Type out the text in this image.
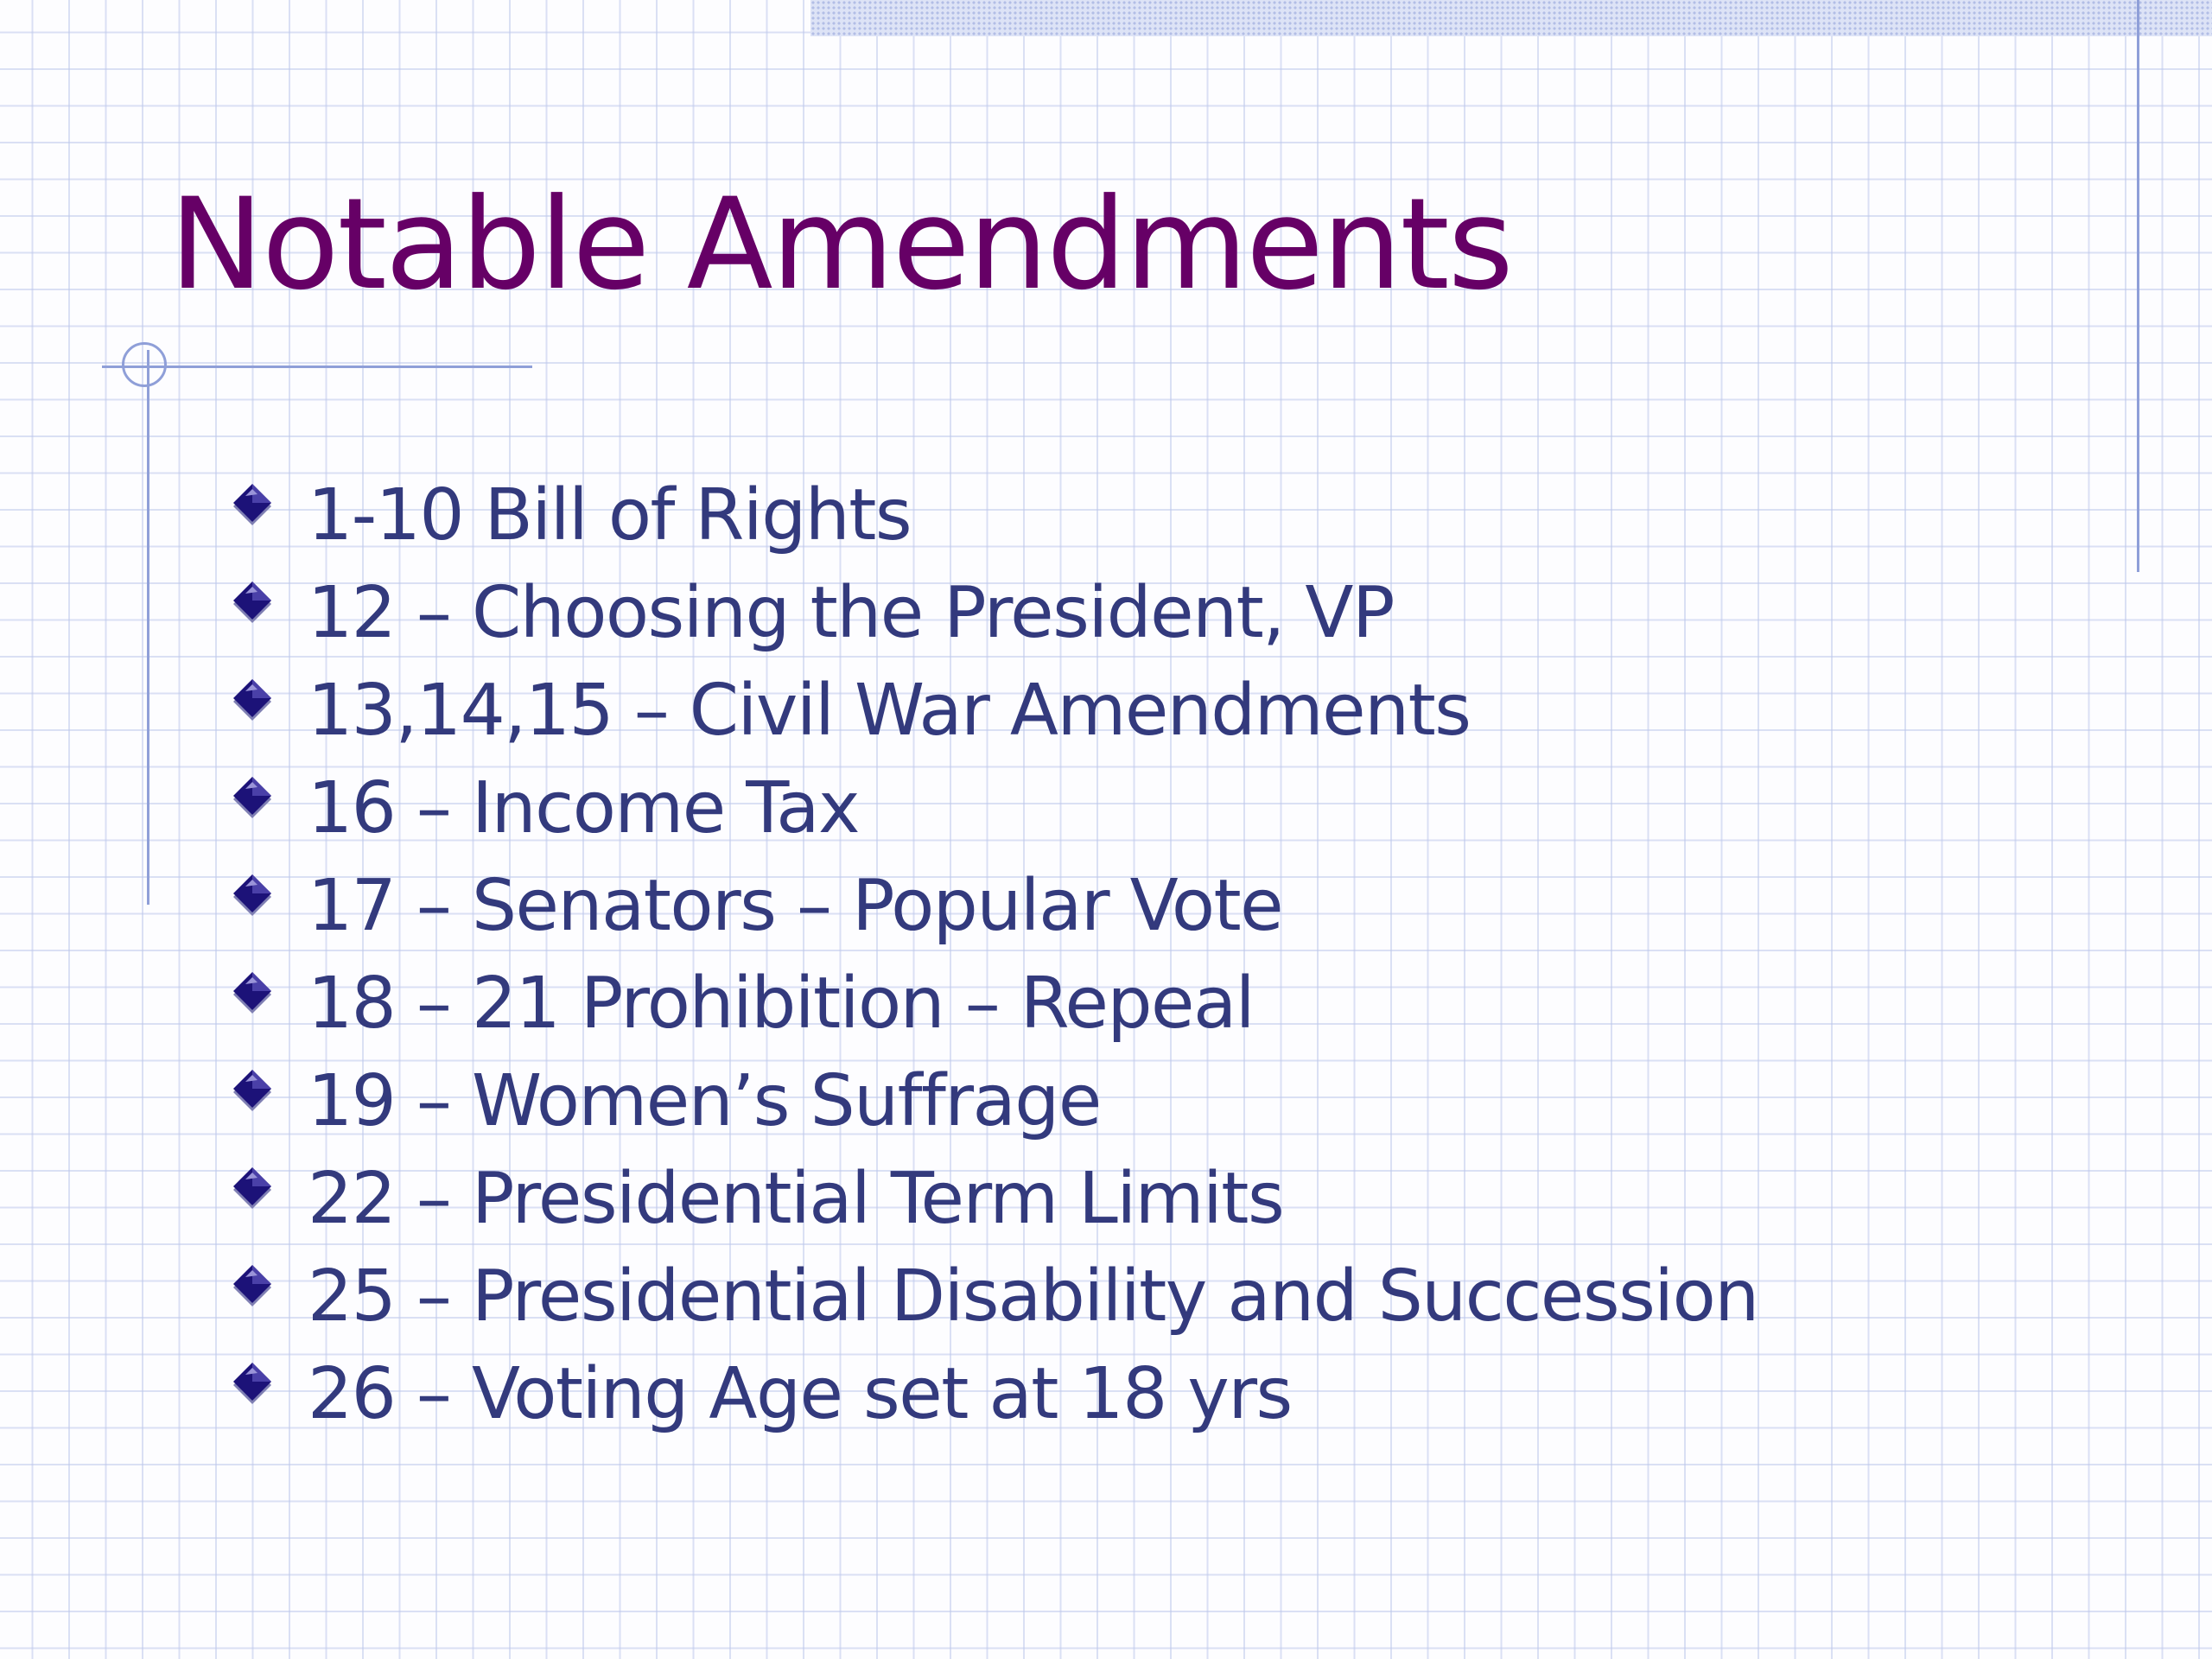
Notable Amendments
1-10 Bill of Rights
12 – Choosing the President, VP
13,14,15 – Civil War Amendments
16 – Income Tax
17 – Senators – Popular Vote
18 – 21 Prohibition – Repeal
19 – Women’s Suffrage
22 – Presidential Term Limits
25 – Presidential Disability and Succession
26 – Voting Age set at 18 yrs
